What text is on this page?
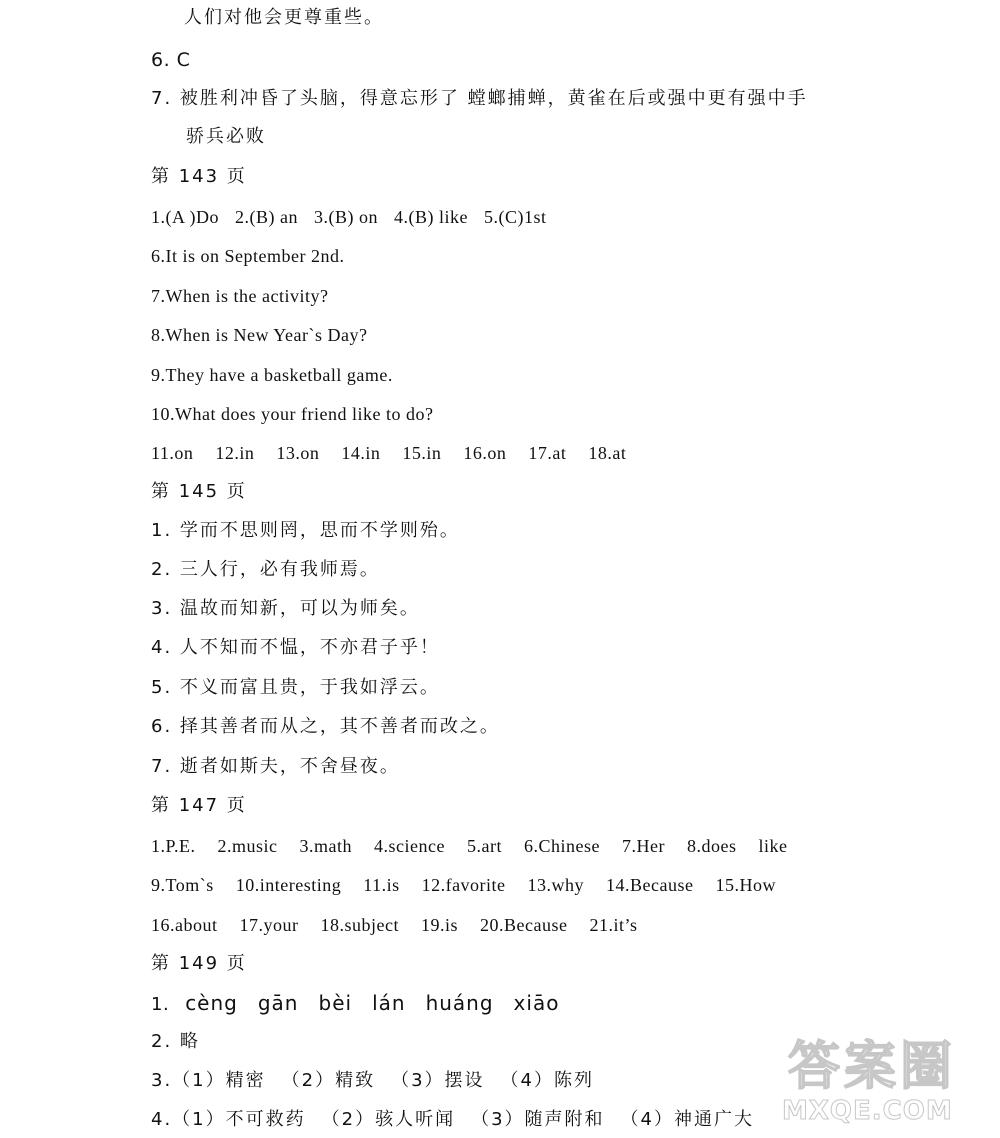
人们对他会更尊重些。
6. C
7. 被胜利冲昏了头脑，得意忘形了 螳螂捕蝉，黄雀在后或强中更有强中手
骄兵必败
第 143 页
1.(A )Do 2.(B) an 3.(B) on 4.(B) like 5.(C)1st
6.It is on September 2nd.
7.When is the activity?
8.When is New Year`s Day?
9.They have a basketball game.
10.What does your friend like to do?
11.on 12.in 13.on 14.in 15.in 16.on 17.at 18.at
第 145 页
1. 学而不思则罔，思而不学则殆。
2. 三人行，必有我师焉。
3. 温故而知新，可以为师矣。
4. 人不知而不愠，不亦君子乎！
5. 不义而富且贵，于我如浮云。
6. 择其善者而从之，其不善者而改之。
7. 逝者如斯夫，不舍昼夜。
第 147 页
1.P.E. 2.music 3.math 4.science 5.art 6.Chinese 7.Her 8.does like
9.Tom`s 10.interesting 11.is 12.favorite 13.why 14.Because 15.How
16.about 17.your 18.subject 19.is 20.Because 21.it’s
第 149 页
1. cèng gān bèi lán huáng xiāo
2. 略
3.（1）精密 （2）精致 （3）摆设 （4）陈列
4.（1）不可救药 （2）骇人听闻 （3）随声附和 （4）神通广大
答案圈
MXQE.COM
